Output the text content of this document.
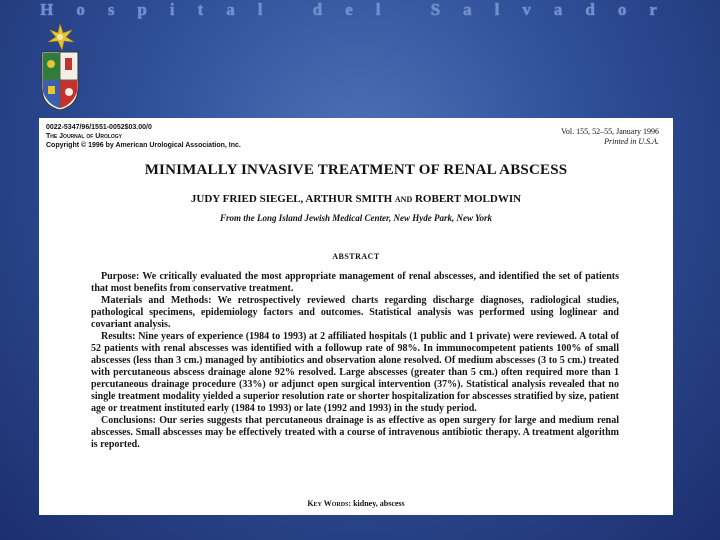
Hospital del Salvador
0022-5347/96/1551-0052$03.00/0
The Journal of Urology
Copyright © 1996 by American Urological Association, Inc.
Vol. 155, 52–55, January 1996
Printed in U.S.A.
MINIMALLY INVASIVE TREATMENT OF RENAL ABSCESS
JUDY FRIED SIEGEL, ARTHUR SMITH AND ROBERT MOLDWIN
From the Long Island Jewish Medical Center, New Hyde Park, New York
ABSTRACT

Purpose: We critically evaluated the most appropriate management of renal abscesses, and identified the set of patients that most benefits from conservative treatment.

Materials and Methods: We retrospectively reviewed charts regarding discharge diagnoses, radiological studies, pathological specimens, epidemiology factors and outcomes. Statistical analysis was performed using loglinear and covariant analysis.

Results: Nine years of experience (1984 to 1993) at 2 affiliated hospitals (1 public and 1 private) were reviewed. A total of 52 patients with renal abscesses was identified with a followup rate of 98%. In immunocompetent patients 100% of small abscesses (less than 3 cm.) managed by antibiotics and observation alone resolved. Of medium abscesses (3 to 5 cm.) treated with percutaneous abscess drainage alone 92% resolved. Large abscesses (greater than 5 cm.) often required more than 1 percutaneous drainage procedure (33%) or adjunct open surgical intervention (37%). Statistical analysis revealed that no single treatment modality yielded a superior resolution rate or shorter hospitalization for abscesses stratified by size, patient age or treatment instituted early (1984 to 1993) or late (1992 and 1993) in the study period.

Conclusions: Our series suggests that percutaneous drainage is as effective as open surgery for large and medium renal abscesses. Small abscesses may be effectively treated with a course of intravenous antibiotic therapy. A treatment algorithm is reported.

Key Words: kidney, abscess
